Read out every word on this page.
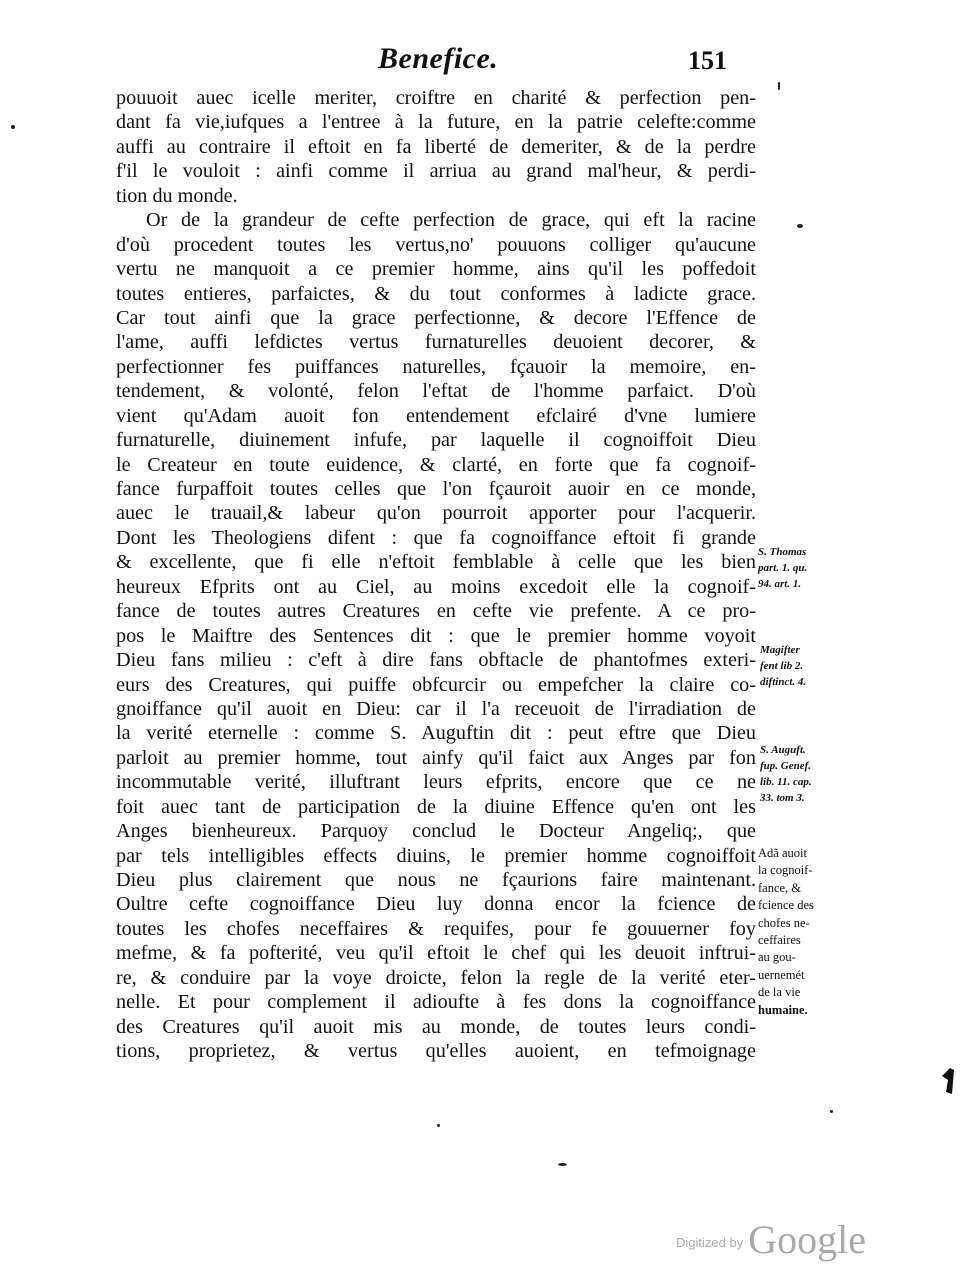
Benefice.	151
pouuoit auec icelle meriter, croiftre en charité & perfection pen-
dant fa vie,iufques a l'entree à la future, en la patrie celefte:comme
auffi au contraire il eftoit en fa liberté de demeriter, & de la perdre
f'il le vouloit : ainfi comme il arriua au grand mal'heur, & perdi-
tion du monde.
Or de la grandeur de cefte perfection de grace, qui eft la racine
d'où procedent toutes les vertus,no' pouuons colliger qu'aucune
vertu ne manquoit a ce premier homme, ains qu'il les poffedoit
toutes entieres, parfaictes, & du tout conformes à ladicte grace.
Car tout ainfi que la grace perfectionne, & decore l'Effence de
l'ame, auffi lefdictes vertus furnaturelles deuoient decorer, &
perfectionner fes puiffances naturelles, fçauoir la memoire, en-
tendement, & volonté, felon l'eftat de l'homme parfaict. D'où
vient qu'Adam auoit fon entendement efclairé d'vne lumiere
furnaturelle, diuinement infufe, par laquelle il cognoiffoit Dieu
le Createur en toute euidence, & clarté, en forte que fa cognoif-
fance furpaffoit toutes celles que l'on fçauroit auoir en ce monde,
auec le trauail,& labeur qu'on pourroit apporter pour l'acquerir.
Dont les Theologiens difent : que fa cognoiffance eftoit fi grande
& excellente, que fi elle n'eftoit femblable à celle que les bien
heureux Efprits ont au Ciel, au moins excedoit elle la cognoif-
fance de toutes autres Creatures en cefte vie prefente. A ce pro-
pos le Maiftre des Sentences dit : que le premier homme voyoit
Dieu fans milieu : c'eft à dire fans obftacle de phantofmes exteri-
eurs des Creatures, qui puiffe obfcurcir ou empefcher la claire co-
gnoiffance qu'il auoit en Dieu: car il l'a receuoit de l'irradiation de
la verité eternelle : comme S. Auguftin dit : peut eftre que Dieu
parloit au premier homme, tout ainfy qu'il faict aux Anges par fon
incommutable verité, illuftrant leurs efprits, encore que ce ne
foit auec tant de participation de la diuine Effence qu'en ont les
Anges bienheureux. Parquoy conclud le Docteur Angeliq;, que
par tels intelligibles effects diuins, le premier homme cognoiffoit
Dieu plus clairement que nous ne fçaurions faire maintenant.
Oultre cefte cognoiffance Dieu luy donna encor la fcience de
toutes les chofes neceffaires & requifes, pour fe gouuerner foy
mefme, & fa pofterité, veu qu'il eftoit le chef qui les deuoit inftrui-
re, & conduire par la voye droicte, felon la regle de la verité eter-
nelle. Et pour complement il adioufte à fes dons la cognoiffance
des Creatures qu'il auoit mis au monde, de toutes leurs condi-
tions, proprietez, & vertus qu'elles auoient, en tefmoignage
S. Thomas
part. 1. qu.
94. art. 1.
Magifter
fent lib 2.
diftinct. 4.
S. Auguft.
fup. Genef.
lib. 11. cap.
33. tom 3.
Adã auoit
la cognoif-
fance, &
fcience des
chofes ne-
ceffaires
au gou-
uernemét
de la vie
humaine.
$^{Digitized by}$ Google
